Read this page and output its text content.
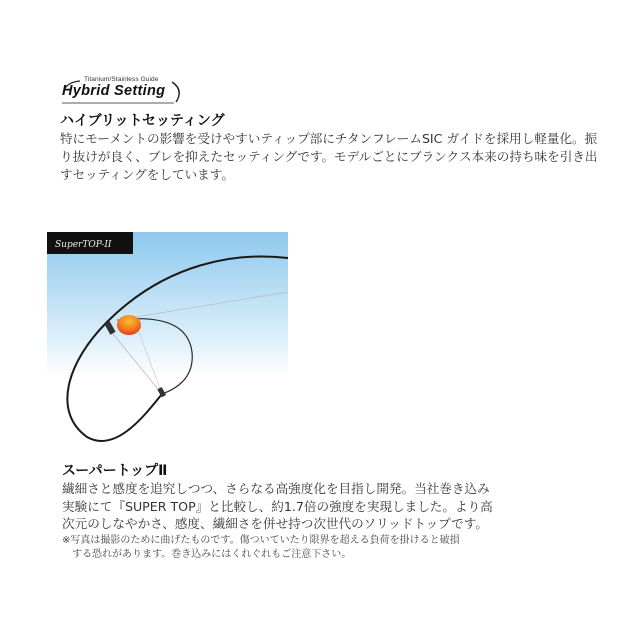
Titanium/Stainless Guide
Hybrid Setting
ハイブリットセッティング
特にモーメントの影響を受けやすいティップ部にチタンフレームSIC ガイドを採用し軽量化。振
り抜けが良く、ブレを抑えたセッティングです。モデルごとにブランクス本来の持ち味を引き出
すセッティングをしています。
SuperTOP-II
スーパートップⅡ
繊細さと感度を追究しつつ、さらなる高強度化を目指し開発。当社巻き込み
実験にて『SUPER TOP』と比較し、約1.7倍の強度を実現しました。より高
次元のしなやかさ、感度、繊細さを併せ持つ次世代のソリッドトップです。
※写真は撮影のために曲げたものです。傷ついていたり限界を超える負荷を掛けると破損
する恐れがあります。巻き込みにはくれぐれもご注意下さい。
